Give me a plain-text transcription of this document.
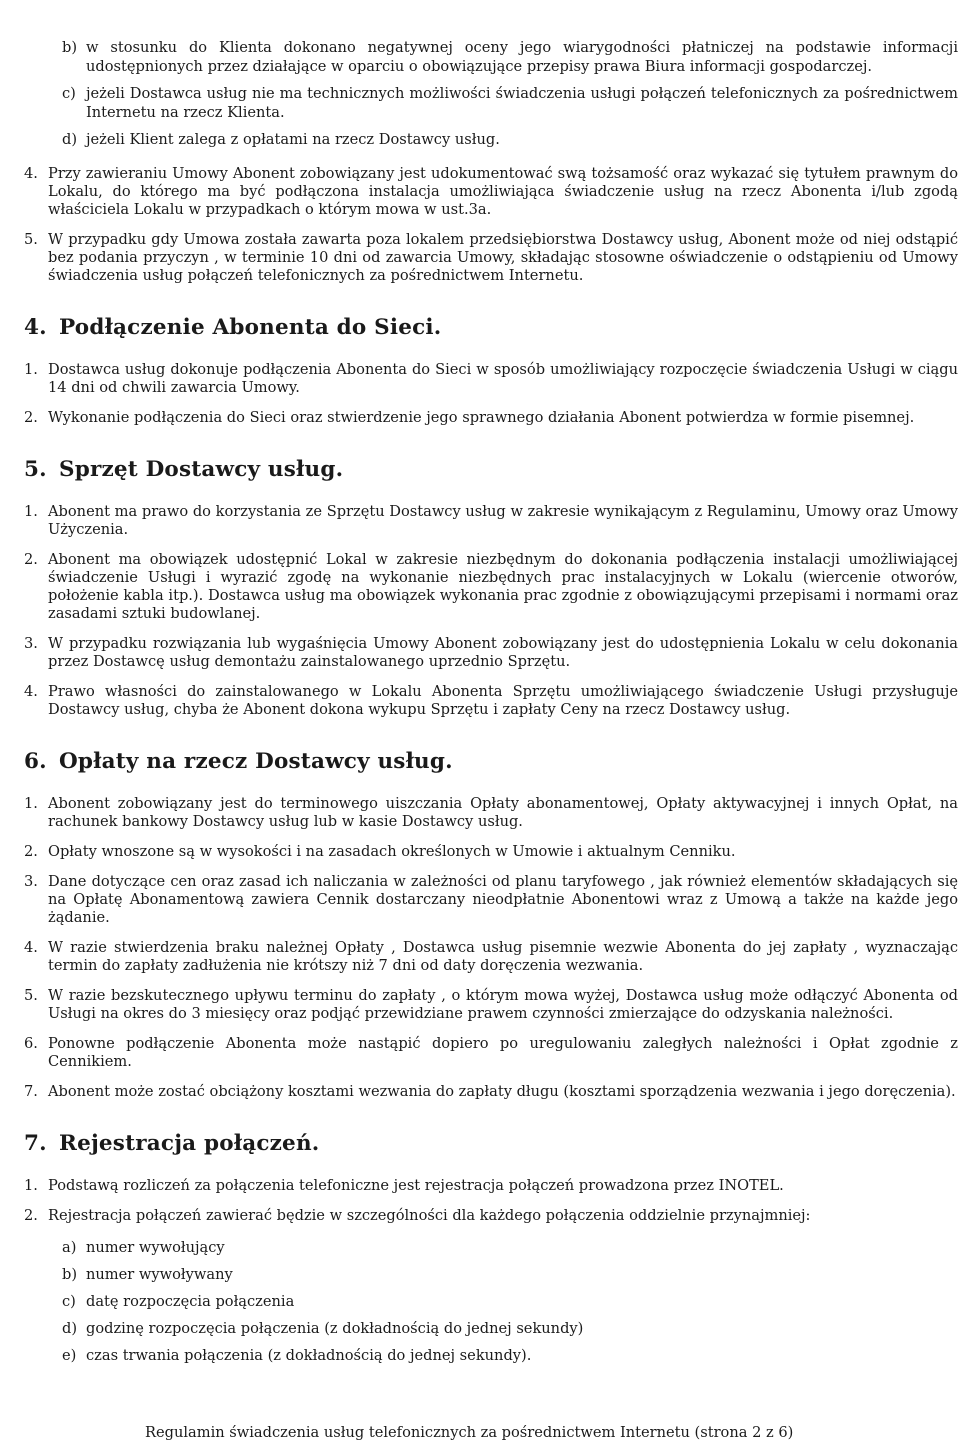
b) w stosunku do Klienta dokonano negatywnej oceny jego wiarygodności płatniczej na podstawie informacji udostępnionych przez działające w oparciu o obowiązujące przepisy prawa Biura informacji gospodarczej.
c) jeżeli Dostawca usług nie ma technicznych możliwości świadczenia usługi połączeń telefonicznych za pośrednictwem Internetu na rzecz Klienta.
d) jeżeli Klient zalega z opłatami na rzecz Dostawcy usług.
4. Przy zawieraniu Umowy Abonent zobowiązany jest udokumentować swą tożsamość oraz wykazać się tytułem prawnym do Lokalu, do którego ma być podłączona instalacja umożliwiająca świadczenie usług na rzecz Abonenta i/lub zgodą właściciela Lokalu w przypadkach o którym mowa w ust.3a.
5. W przypadku gdy Umowa została zawarta poza lokalem przedsiębiorstwa Dostawcy usług, Abonent może od niej odstąpić bez podania przyczyn , w terminie 10 dni od zawarcia Umowy, składając stosowne oświadczenie o odstąpieniu od Umowy świadczenia usług połączeń telefonicznych za pośrednictwem Internetu.
4. Podłączenie Abonenta do Sieci.
1. Dostawca usług dokonuje podłączenia Abonenta do Sieci w sposób umożliwiający rozpoczęcie świadczenia Usługi w ciągu 14 dni od chwili zawarcia Umowy.
2. Wykonanie podłączenia do Sieci oraz stwierdzenie jego sprawnego działania Abonent potwierdza w formie pisemnej.
5. Sprzęt Dostawcy usług.
1. Abonent ma prawo do korzystania ze Sprzętu Dostawcy usług w zakresie wynikającym z Regulaminu, Umowy oraz Umowy Użyczenia.
2. Abonent ma obowiązek udostępnić Lokal w zakresie niezbędnym do dokonania podłączenia instalacji umożliwiającej świadczenie Usługi i wyrazić zgodę na wykonanie niezbędnych prac instalacyjnych w Lokalu (wiercenie otworów, położenie kabla itp.). Dostawca usług ma obowiązek wykonania prac zgodnie z obowiązującymi przepisami i normami oraz zasadami sztuki budowlanej.
3. W przypadku rozwiązania lub wygaśnięcia Umowy Abonent zobowiązany jest do udostępnienia Lokalu w celu dokonania przez Dostawcę usług demontażu zainstalowanego uprzednio Sprzętu.
4. Prawo własności do zainstalowanego w Lokalu Abonenta Sprzętu umożliwiającego świadczenie Usługi przysługuje Dostawcy usług, chyba że Abonent dokona wykupu Sprzętu i zapłaty Ceny na rzecz Dostawcy usług.
6. Opłaty na rzecz Dostawcy usług.
1. Abonent zobowiązany jest do terminowego uiszczania Opłaty abonamentowej, Opłaty aktywacyjnej i innych Opłat, na rachunek bankowy Dostawcy usług lub w kasie Dostawcy usług.
2. Opłaty wnoszone są w wysokości i na zasadach określonych w Umowie i aktualnym Cenniku.
3. Dane dotyczące cen oraz zasad ich naliczania w zależności od planu taryfowego , jak również elementów składających się na Opłatę Abonamentową zawiera Cennik dostarczany nieodpłatnie Abonentowi wraz z Umową a także na każde jego żądanie.
4. W razie stwierdzenia braku należnej Opłaty , Dostawca usług pisemnie wezwie Abonenta do jej zapłaty , wyznaczając termin do zapłaty zadłużenia nie krótszy niż 7 dni od daty doręczenia wezwania.
5. W razie bezskutecznego upływu terminu do zapłaty , o którym mowa wyżej, Dostawca usług może odłączyć Abonenta od Usługi na okres do 3 miesięcy oraz podjąć przewidziane prawem czynności zmierzające do odzyskania należności.
6. Ponowne podłączenie Abonenta może nastąpić dopiero po uregulowaniu zaległych należności i Opłat zgodnie z Cennikiem.
7. Abonent może zostać obciążony kosztami wezwania do zapłaty długu (kosztami sporządzenia wezwania i jego doręczenia).
7. Rejestracja połączeń.
1. Podstawą rozliczeń za połączenia telefoniczne jest rejestracja połączeń prowadzona przez INOTEL.
2. Rejestracja połączeń zawierać będzie w szczególności dla każdego połączenia oddzielnie przynajmniej:
a) numer wywołujący
b) numer wywoływany
c) datę rozpoczęcia połączenia
d) godzinę rozpoczęcia połączenia (z dokładnością do jednej sekundy)
e) czas trwania połączenia (z dokładnością do jednej sekundy).
Regulamin świadczenia usług telefonicznych za pośrednictwem Internetu (strona 2 z 6)
